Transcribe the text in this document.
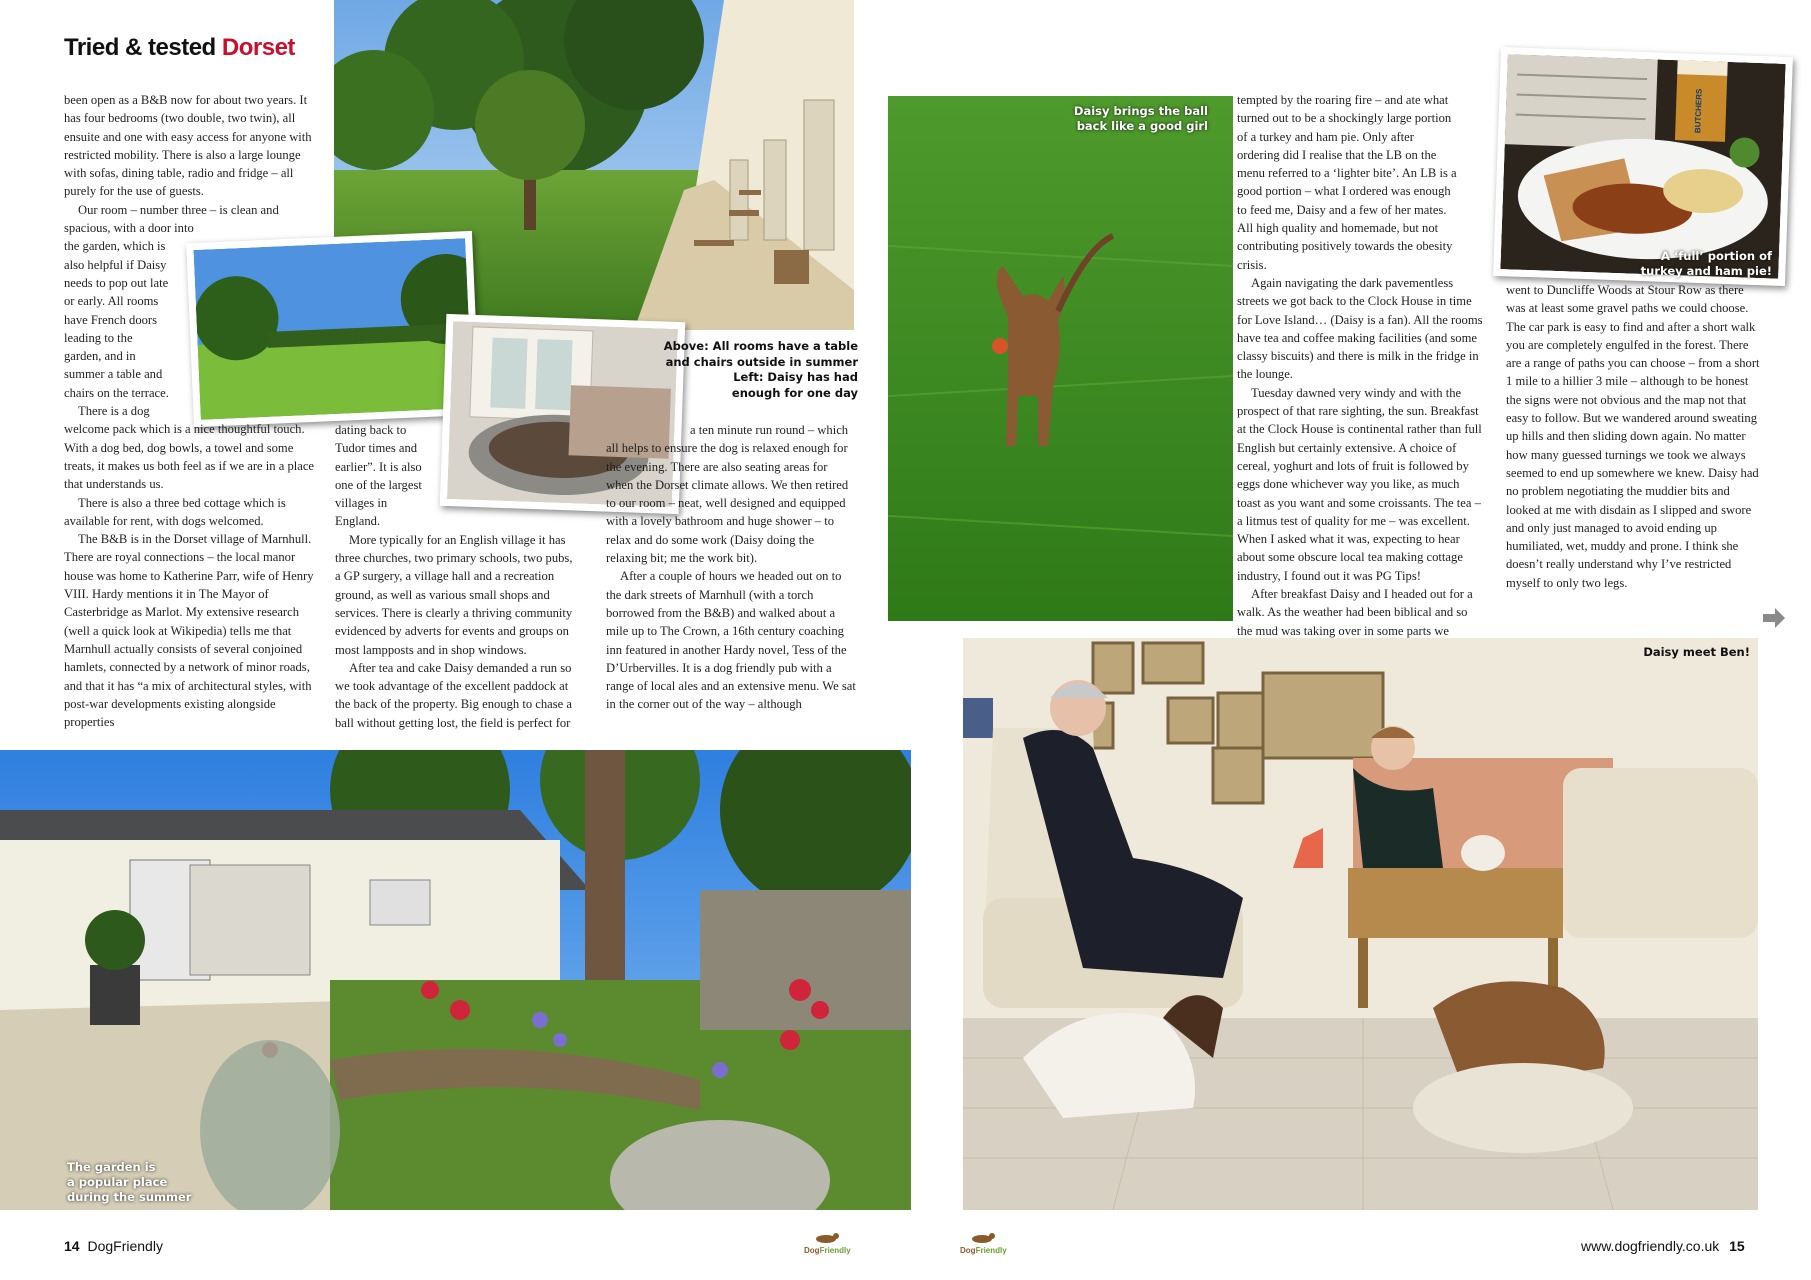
Tried & tested Dorset
Above: All rooms have a table
and chairs outside in summer
Left: Daisy has had
enough for one day

been open as a B&B now for about two years. It has four bedrooms (two double, two twin), all ensuite and one with easy access for anyone with restricted mobility. There is also a large lounge with sofas, dining table, radio and fridge – all purely for the use of guests.

Our room – number three – is clean and spacious, with a door into

the garden, which is also helpful if Daisy needs to pop out late or early. All rooms have French doors leading to the garden, and in summer a table and chairs on the terrace.

There is a dog

welcome pack which is a nice thoughtful touch. With a dog bed, dog bowls, a towel and some treats, it makes us both feel as if we are in a place that understands us.

There is also a three bed cottage which is available for rent, with dogs welcomed.

The B&B is in the Dorset village of Marnhull. There are royal connections – the local manor house was home to Katherine Parr, wife of Henry VIII. Hardy mentions it in The Mayor of Casterbridge as Marlot. My extensive research (well a quick look at Wikipedia) tells me that Marnhull actually consists of several conjoined hamlets, connected by a network of minor roads, and that it has “a mix of architectural styles, with post-war developments existing alongside properties

dating back to Tudor times and earlier”. It is also one of the largest villages in England.

More typically for an English village it has three churches, two primary schools, two pubs, a GP surgery, a village hall and a recreation ground, as well as various small shops and services. There is clearly a thriving community evidenced by adverts for events and groups on most lampposts and in shop windows.

After tea and cake Daisy demanded a run so we took advantage of the excellent paddock at the back of the property. Big enough to chase a ball without getting lost, the field is perfect for

a ten minute run round – which all helps to ensure the dog is relaxed enough for the evening. There are also seating areas for when the Dorset climate allows. We then retired to our room – neat, well designed and equipped with a lovely bathroom and huge shower – to relax and do some work (Daisy doing the relaxing bit; me the work bit).

After a couple of hours we headed out on to the dark streets of Marnhull (with a torch borrowed from the B&B) and walked about a mile up to The Crown, a 16th century coaching inn featured in another Hardy novel, Tess of the D’Urbervilles. It is a dog friendly pub with a range of local ales and an extensive menu. We sat in the corner out of the way – although

The garden is
a popular place
during the summer
14 DogFriendly	DogFriendly
Daisy brings the ball
back like a good girl

tempted by the roaring fire – and ate what turned out to be a shockingly large portion of a turkey and ham pie. Only after ordering did I realise that the LB on the menu referred to a ‘lighter bite’. An LB is a good portion – what I ordered was enough to feed me, Daisy and a few of her mates. All high quality and homemade, but not contributing positively towards the obesity crisis.

Again navigating the dark pavementless streets we got back to the Clock House in time for Love Island… (Daisy is a fan). All the rooms have tea and coffee making facilities (and some classy biscuits) and there is milk in the fridge in the lounge.

Tuesday dawned very windy and with the prospect of that rare sighting, the sun. Breakfast at the Clock House is continental rather than full English but certainly extensive. A choice of cereal, yoghurt and lots of fruit is followed by eggs done whichever way you like, as much toast as you want and some croissants. The tea – a litmus test of quality for me – was excellent. When I asked what it was, expecting to hear about some obscure local tea making cottage industry, I found out it was PG Tips!

After breakfast Daisy and I headed out for a walk. As the weather had been biblical and so the mud was taking over in some parts we

BUTCHERS
A ‘full’ portion of
turkey and ham pie!

went to Duncliffe Woods at Stour Row as there was at least some gravel paths we could choose. The car park is easy to find and after a short walk you are completely engulfed in the forest. There are a range of paths you can choose – from a short 1 mile to a hillier 3 mile – although to be honest the signs were not obvious and the map not that easy to follow. But we wandered around sweating up hills and then sliding down again. No matter how many guessed turnings we took we always seemed to end up somewhere we knew. Daisy had no problem negotiating the muddier bits and looked at me with disdain as I slipped and swore and only just managed to avoid ending up humiliated, wet, muddy and prone. I think she doesn’t really understand why I’ve restricted myself to only two legs.

Daisy meet Ben!
DogFriendly	www.dogfriendly.co.uk 15
